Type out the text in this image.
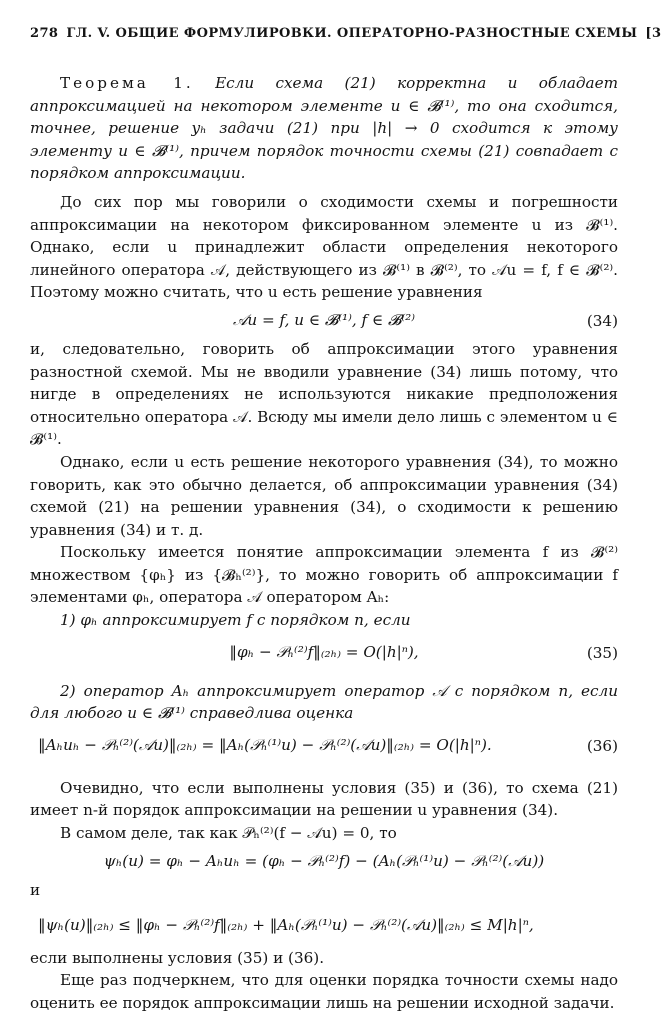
278 ГЛ. V. ОБЩИЕ ФОРМУЛИРОВКИ. ОПЕРАТОРНО-РАЗНОСТНЫЕ СХЕМЫ [3

Теорема 1. Если схема (21) корректна и обладает аппроксимацией на некотором элементе u ∈ 𝓑⁽¹⁾, то она сходится, точнее, решение yₕ задачи (21) при |h| → 0 сходится к этому элементу u ∈ 𝓑⁽¹⁾, причем порядок точности схемы (21) совпадает с порядком аппроксимации.

До сих пор мы говорили о сходимости схемы и погрешности аппроксимации на некотором фиксированном элементе u из 𝓑⁽¹⁾. Однако, если u принадлежит области определения некоторого линейного оператора 𝒜, действующего из 𝓑⁽¹⁾ в 𝓑⁽²⁾, то 𝒜u = f, f ∈ 𝓑⁽²⁾. Поэтому можно считать, что u есть решение уравнения

𝒜u = f, u ∈ 𝓑⁽¹⁾, f ∈ 𝓑⁽²⁾	(34)

и, следовательно, говорить об аппроксимации этого уравнения разностной схемой. Мы не вводили уравнение (34) лишь потому, что нигде в определениях не используются никакие предположения относительно оператора 𝒜. Всюду мы имели дело лишь с элементом u ∈ 𝓑⁽¹⁾.

Однако, если u есть решение некоторого уравнения (34), то можно говорить, как это обычно делается, об аппроксимации уравнения (34) схемой (21) на решении уравнения (34), о сходимости к решению уравнения (34) и т. д.

Поскольку имеется понятие аппроксимации элемента f из 𝓑⁽²⁾ множеством {φₕ} из {𝓑ₕ⁽²⁾}, то можно говорить об аппроксимации f элементами φₕ, оператора 𝒜 оператором Aₕ:

1) φₕ аппроксимирует f с порядком n, если

‖φₕ − 𝒫ₕ⁽²⁾f‖₍₂ₕ₎ = O(|h|ⁿ),	(35)

2) оператор Aₕ аппроксимирует оператор 𝒜 с порядком n, если для любого u ∈ 𝓑⁽¹⁾ справедлива оценка

‖Aₕuₕ − 𝒫ₕ⁽²⁾(𝒜u)‖₍₂ₕ₎ = ‖Aₕ(𝒫ₕ⁽¹⁾u) − 𝒫ₕ⁽²⁾(𝒜u)‖₍₂ₕ₎ = O(|h|ⁿ).	(36)

Очевидно, что если выполнены условия (35) и (36), то схема (21) имеет n-й порядок аппроксимации на решении u уравнения (34).

В самом деле, так как 𝒫ₕ⁽²⁾(f − 𝒜u) = 0, то

ψₕ(u) = φₕ − Aₕuₕ = (φₕ − 𝒫ₕ⁽²⁾f) − (Aₕ(𝒫ₕ⁽¹⁾u) − 𝒫ₕ⁽²⁾(𝒜u))
и
‖ψₕ(u)‖₍₂ₕ₎ ≤ ‖φₕ − 𝒫ₕ⁽²⁾f‖₍₂ₕ₎ + ‖Aₕ(𝒫ₕ⁽¹⁾u) − 𝒫ₕ⁽²⁾(𝒜u)‖₍₂ₕ₎ ≤ M|h|ⁿ,

если выполнены условия (35) и (36).

Еще раз подчеркнем, что для оценки порядка точности схемы надо оценить ее порядок аппроксимации лишь на решении исходной задачи.
